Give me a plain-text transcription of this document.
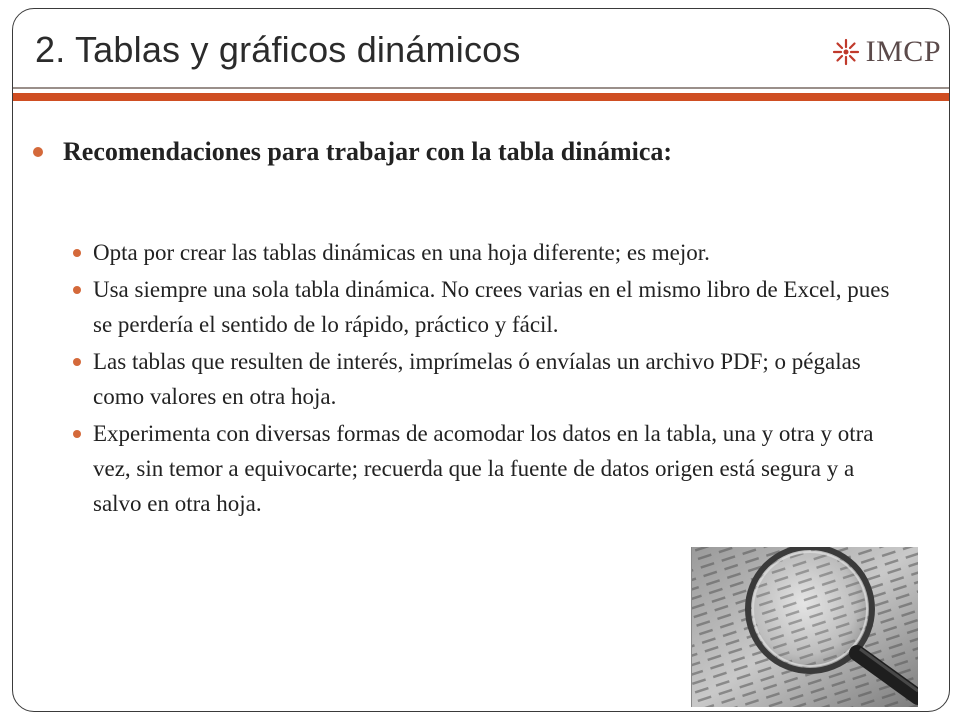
2. Tablas y gráficos dinámicos	IMCP
Recomendaciones para trabajar con la tabla dinámica:
Opta por crear las tablas dinámicas en una hoja diferente; es mejor.
Usa siempre una sola tabla dinámica. No crees varias en el mismo libro de Excel, pues se perdería el sentido de lo rápido, práctico y fácil.
Las tablas que resulten de interés, imprímelas ó envíalas un archivo PDF; o pégalas como valores en otra hoja.
Experimenta con diversas formas de acomodar los datos en la tabla, una y otra y otra vez, sin temor a equivocarte; recuerda que la fuente de datos origen está segura y a salvo en otra hoja.
